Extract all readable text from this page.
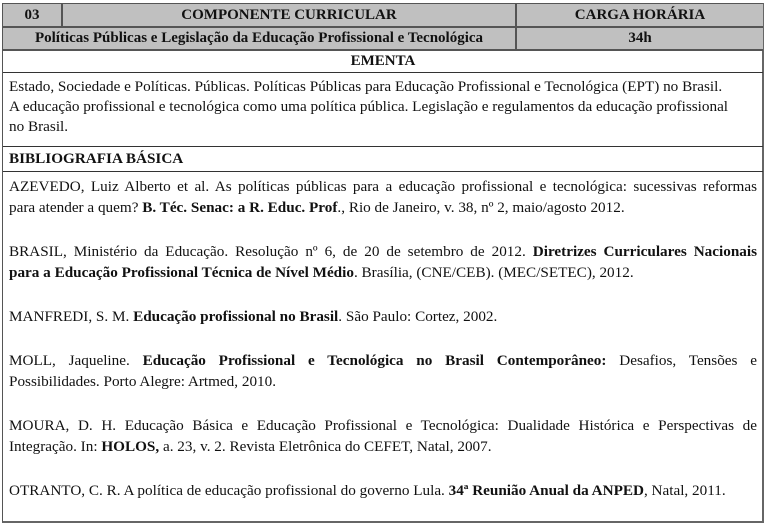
03	COMPONENTE CURRICULAR	CARGA HORÁRIA
Políticas Públicas e Legislação da Educação Profissional e Tecnológica	34h
EMENTA
Estado, Sociedade e Políticas. Públicas. Políticas Públicas para Educação Profissional e Tecnológica (EPT) no Brasil.
A educação profissional e tecnológica como uma política pública. Legislação e regulamentos da educação profissional
no Brasil.
BIBLIOGRAFIA BÁSICA
AZEVEDO, Luiz Alberto et al. As políticas públicas para a educação profissional e tecnológica: sucessivas reformas
para atender a quem? B. Téc. Senac: a R. Educ. Prof., Rio de Janeiro, v. 38, nº 2, maio/agosto 2012.
BRASIL, Ministério da Educação. Resolução nº 6, de 20 de setembro de 2012. Diretrizes Curriculares Nacionais
para a Educação Profissional Técnica de Nível Médio. Brasília, (CNE/CEB). (MEC/SETEC), 2012.
MANFREDI, S. M. Educação profissional no Brasil. São Paulo: Cortez, 2002.
MOLL, Jaqueline. Educação Profissional e Tecnológica no Brasil Contemporâneo: Desafios, Tensões e
Possibilidades. Porto Alegre: Artmed, 2010.
MOURA, D. H. Educação Básica e Educação Profissional e Tecnológica: Dualidade Histórica e Perspectivas de
Integração. In: HOLOS, a. 23, v. 2. Revista Eletrônica do CEFET, Natal, 2007.
OTRANTO, C. R. A política de educação profissional do governo Lula. 34ª Reunião Anual da ANPED, Natal, 2011.
